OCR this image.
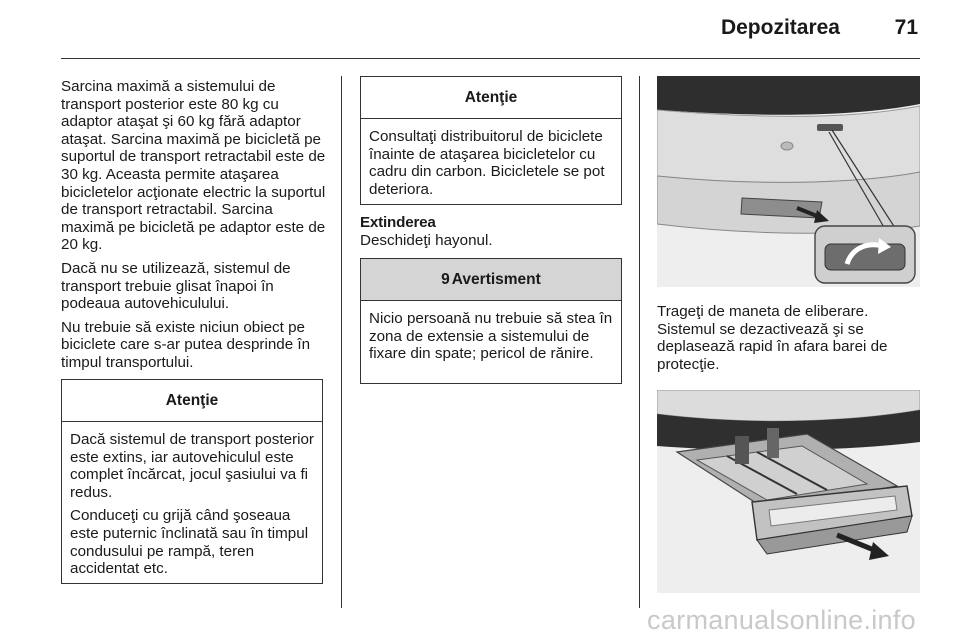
Depozitarea	71

Sarcina maximă a sistemului de transport posterior este 80 kg cu adaptor ataşat şi 60 kg fără adaptor ataşat. Sarcina maximă pe bicicletă pe suportul de transport retractabil este de 30 kg. Aceasta permite ataşarea bicicletelor acţionate electric la suportul de transport retractabil. Sarcina maximă pe bicicletă pe adaptor este de 20 kg.

Dacă nu se utilizează, sistemul de transport trebuie glisat înapoi în podeaua autovehiculului.

Nu trebuie să existe niciun obiect pe biciclete care s-ar putea desprinde în timpul transportului.

Atenţie

Dacă sistemul de transport posterior este extins, iar autovehiculul este complet încărcat, jocul şasiului va fi redus.

Conduceţi cu grijă când şoseaua este puternic înclinată sau în timpul condusului pe rampă, teren accidentat etc.

Atenţie

Consultaţi distribuitorul de biciclete înainte de ataşarea bicicletelor cu cadru din carbon. Bicicletele se pot deteriora.

Extinderea
Deschideţi hayonul.
9 Avertisment

Nicio persoană nu trebuie să stea în zona de extensie a sistemului de fixare din spate; pericol de rănire.

Trageţi de maneta de eliberare. Sistemul se dezactivează şi se deplasează rapid în afara barei de protecţie.

carmanualsonline.info
